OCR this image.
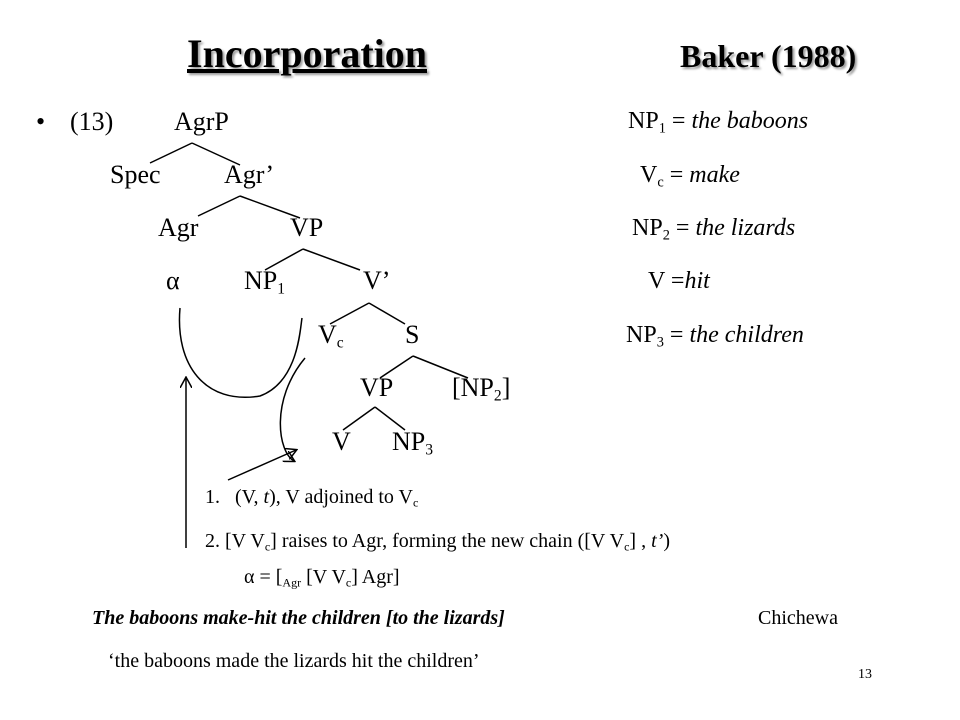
Incorporation	Baker (1988)
• (13) AgrP
Spec Agr’
Agr	VP
α $NP_1$	V’
$V_c$ S
VP $[NP_2]$
V $NP_3$
$NP_1$ = the baboons
$V_c$ = make
$NP_2$ = the lizards
V =hit
$NP_3$ = the children
1. (V, t), V adjoined to $V_c$
2. [V $V_c$] raises to Agr, forming the new chain ([V $V_c$] , t’)
$\alpha = [_{Agr}$ [V $V_c$] Agr]
The baboons make-hit the children [to the lizards]	Chichewa
‘the baboons made the lizards hit the children’
13
